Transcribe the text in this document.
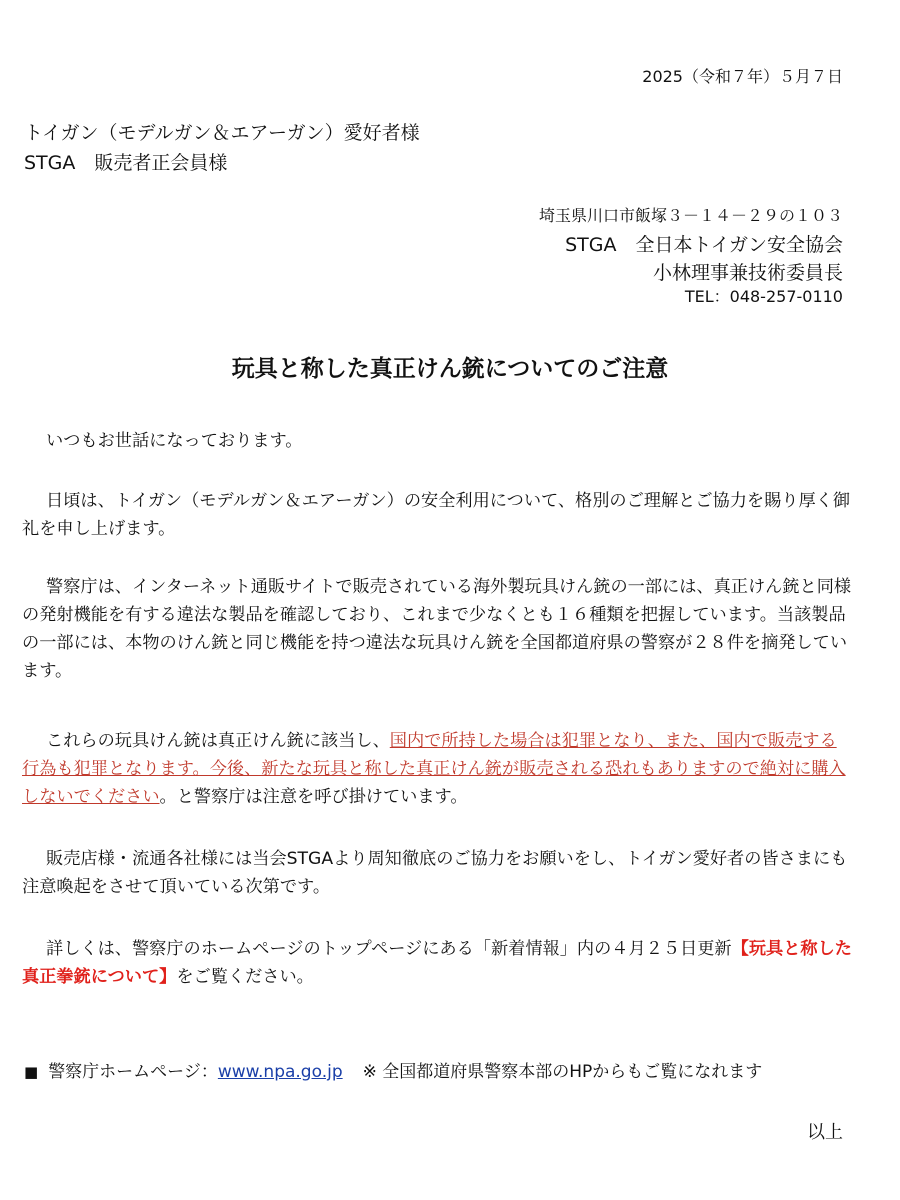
2025（令和７年）５月７日

トイガン（モデルガン＆エアーガン）愛好者様

STGA　販売者正会員様

埼玉県川口市飯塚３－１４－２９の１０３

STGA　全日本トイガン安全協会

小林理事兼技術委員長

TEL：048-257-0110

玩具と称した真正けん銃についてのご注意

いつもお世話になっております。

日頃は、トイガン（モデルガン＆エアーガン）の安全利用について、格別のご理解とご協力を賜り厚く御礼を申し上げます。

警察庁は、インターネット通販サイトで販売されている海外製玩具けん銃の一部には、真正けん銃と同様の発射機能を有する違法な製品を確認しており、これまで少なくとも１６種類を把握しています。当該製品の一部には、本物のけん銃と同じ機能を持つ違法な玩具けん銃を全国都道府県の警察が２８件を摘発しています。

これらの玩具けん銃は真正けん銃に該当し、国内で所持した場合は犯罪となり、また、国内で販売する行為も犯罪となります。今後、新たな玩具と称した真正けん銃が販売される恐れもありますので絶対に購入しないでください。と警察庁は注意を呼び掛けています。

販売店様・流通各社様には当会STGAより周知徹底のご協力をお願いをし、トイガン愛好者の皆さまにも注意喚起をさせて頂いている次第です。

詳しくは、警察庁のホームページのトップページにある「新着情報」内の４月２５日更新【玩具と称した真正拳銃について】をご覧ください。

■ 警察庁ホームページ：www.npa.go.jp ※ 全国都道府県警察本部のHPからもご覧になれます

以上
